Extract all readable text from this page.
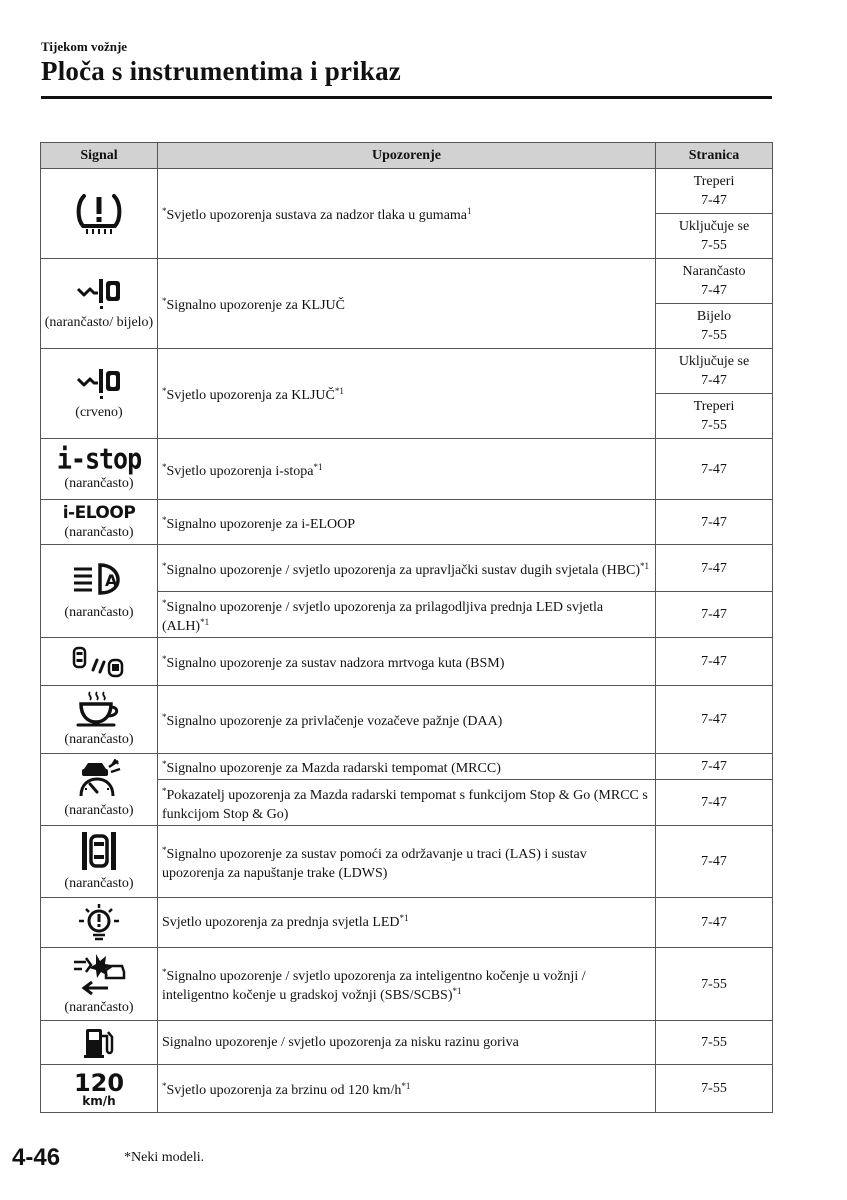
Tijekom vožnje
Ploča s instrumentima i prikaz
Signal	Upozorenje	Stranica

	*Svjetlo upozorenja sustava za nadzor tlaka u gumama$^1$	Treperi
7-47

		Uključuje se
7-55

(narančasto/ bijelo)	*Signalno upozorenje za KLJUČ	Narančasto
7-47

		Bijelo
7-55

(crveno)	*Svjetlo upozorenja za KLJUČ$^{*1}$	Uključuje se
7-47

		Treperi
7-55

i-stop
(narančasto)	*Svjetlo upozorenja i-stopa$^{*1}$	7-47

i-ELOOP
(narančasto)	*Signalno upozorenje za i-ELOOP	7-47

A
(narančasto)	*Signalno upozorenje / svjetlo upozorenja za upravljački sustav dugih svjetala (HBC)$^{*1}$	7-47
	*Signalno upozorenje / svjetlo upozorenja za prilagodljiva prednja LED svjetla (ALH)$^{*1}$	7-47

	*Signalno upozorenje za sustav nadzora mrtvoga kuta (BSM)	7-47

(narančasto)	*Signalno upozorenje za privlačenje vozačeve pažnje (DAA)	7-47

(narančasto)	*Signalno upozorenje za Mazda radarski tempomat (MRCC)	7-47
	*Pokazatelj upozorenja za Mazda radarski tempomat s funkcijom Stop & Go (MRCC s funkcijom Stop & Go)	7-47

(narančasto)	*Signalno upozorenje za sustav pomoći za održavanje u traci (LAS) i sustav upozorenja za napuštanje trake (LDWS)	7-47

	Svjetlo upozorenja za prednja svjetla LED$^{*1}$	7-47

(narančasto)	*Signalno upozorenje / svjetlo upozorenja za inteligentno kočenje u vožnji / inteligentno kočenje u gradskoj vožnji (SBS/SCBS)$^{*1}$	7-55

	Signalno upozorenje / svjetlo upozorenja za nisku razinu goriva	7-55

120
km/h	*Svjetlo upozorenja za brzinu od 120 $km/h^{*1}$	7-55
4-46	*Neki modeli.
